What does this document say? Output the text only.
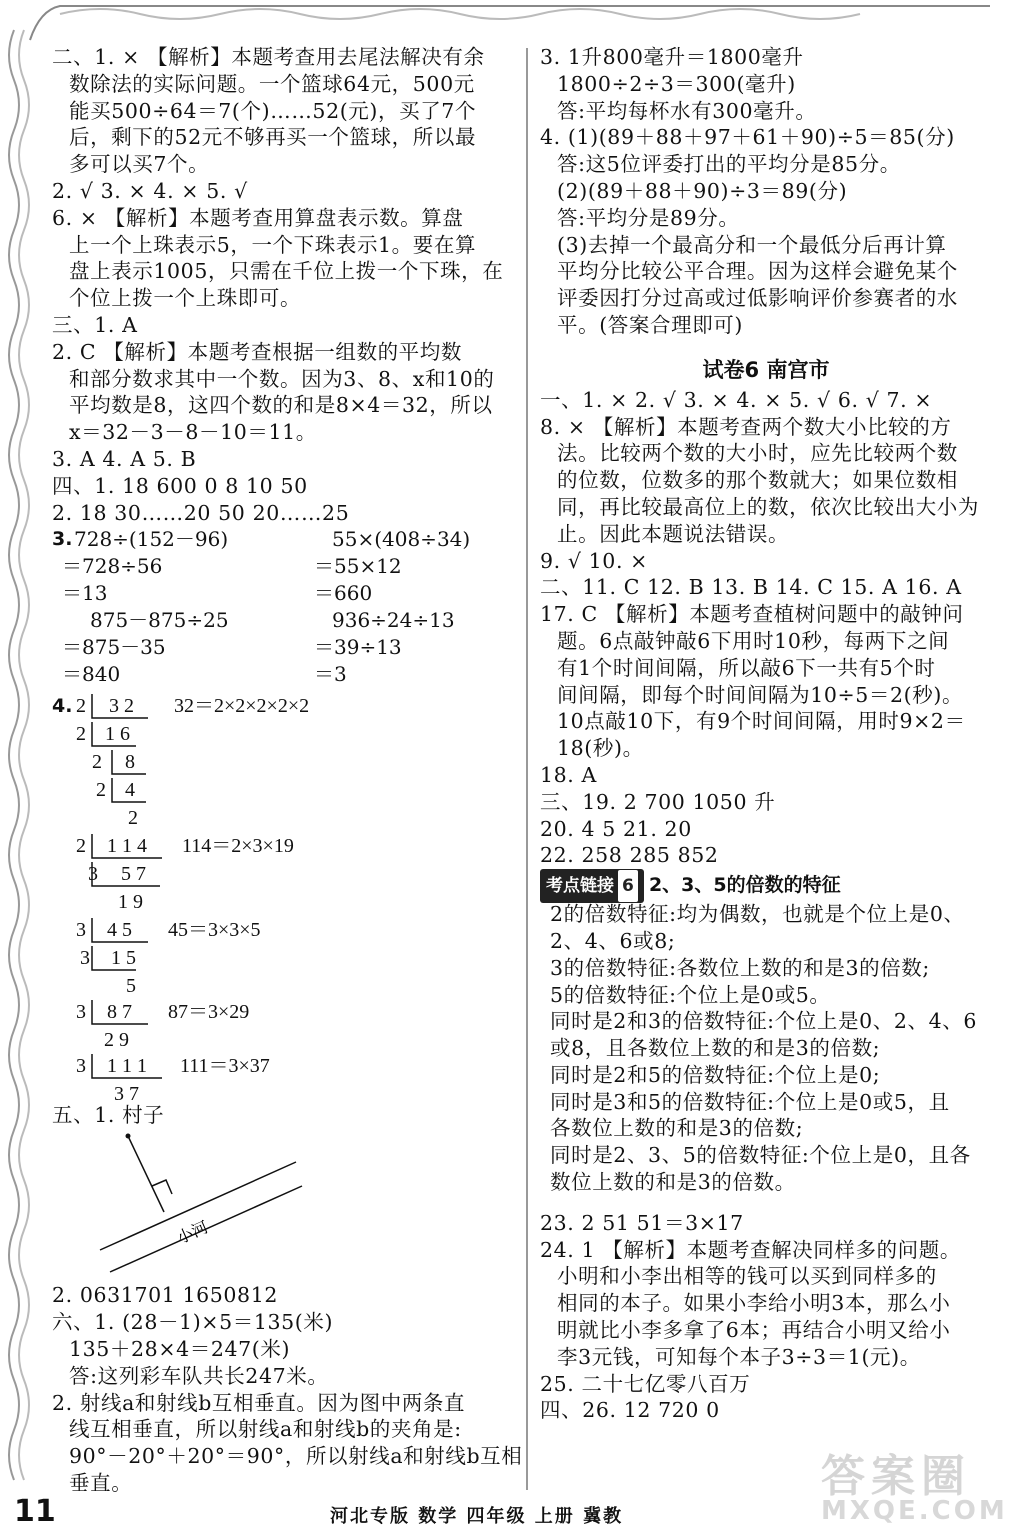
二、1. × 【解析】本题考查用去尾法解决有余
数除法的实际问题。一个篮球64元，500元
能买500÷64＝7(个)……52(元)，买了7个
后，剩下的52元不够再买一个篮球，所以最
多可以买7个。
2. √ 3. × 4. × 5. √
6. × 【解析】本题考查用算盘表示数。算盘
上一个上珠表示5，一个下珠表示1。要在算
盘上表示1005，只需在千位上拨一个下珠，在
个位上拨一个上珠即可。
三、1. A
2. C 【解析】本题考查根据一组数的平均数
和部分数求其中一个数。因为3、8、x和10的
平均数是8，这四个数的和是8×4＝32，所以
x＝32－3－8－10＝11。
3. A 4. A 5. B
四、1. 18 600 0 8 10 50
2. 18 30……20 50 20……25
3. 728÷(152－96)
＝728÷56
＝13
875－875÷25
＝875－35
＝840
55×(408÷34)
＝55×12
＝660
936÷24÷13
＝39÷13
＝3
4. 2 3 2
2 1 6
2 8
2 4
2
32＝2×2×2×2×2
2 1 1 4
3 5 7
1 9
114＝2×3×19
3 4 5
3 1 5
5
45＝3×3×5
3 8 7
2 9
87＝3×29
3 1 1 1
3 7
111＝3×37
五、1. 村子
小河
2. 0631701 1650812
六、1. (28－1)×5＝135(米)
135＋28×4＝247(米)
答:这列彩车队共长247米。
2. 射线a和射线b互相垂直。因为图中两条直
线互相垂直，所以射线a和射线b的夹角是:
90°－20°＋20°＝90°，所以射线a和射线b互相
垂直。
3. 1升800毫升＝1800毫升
1800÷2÷3＝300(毫升)
答:平均每杯水有300毫升。
4. (1)(89＋88＋97＋61＋90)÷5＝85(分)
答:这5位评委打出的平均分是85分。
(2)(89＋88＋90)÷3＝89(分)
答:平均分是89分。
(3)去掉一个最高分和一个最低分后再计算
平均分比较公平合理。因为这样会避免某个
评委因打分过高或过低影响评价参赛者的水
平。(答案合理即可)
试卷6 南宫市
一、1. × 2. √ 3. × 4. × 5. √ 6. √ 7. ×
8. × 【解析】本题考查两个数大小比较的方
法。比较两个数的大小时，应先比较两个数
的位数，位数多的那个数就大；如果位数相
同，再比较最高位上的数，依次比较出大小为
止。因此本题说法错误。
9. √ 10. ×
二、11. C 12. B 13. B 14. C 15. A 16. A
17. C 【解析】本题考查植树问题中的敲钟问
题。6点敲钟敲6下用时10秒，每两下之间
有1个时间间隔，所以敲6下一共有5个时
间间隔，即每个时间间隔为10÷5＝2(秒)。
10点敲10下，有9个时间间隔，用时9×2＝
18(秒)。
18. A
三、19. 2 700 1050 升
20. 4 5 21. 20
22. 258 285 852
考点链接 6 2、3、5的倍数的特征
2的倍数特征:均为偶数，也就是个位上是0、
2、4、6或8;
3的倍数特征:各数位上数的和是3的倍数;
5的倍数特征:个位上是0或5。
同时是2和3的倍数特征:个位上是0、2、4、6
或8，且各数位上数的和是3的倍数;
同时是2和5的倍数特征:个位上是0;
同时是3和5的倍数特征:个位上是0或5，且
各数位上数的和是3的倍数;
同时是2、3、5的倍数特征:个位上是0，且各
数位上数的和是3的倍数。
23. 2 51 51＝3×17
24. 1 【解析】本题考查解决同样多的问题。
小明和小李出相等的钱可以买到同样多的
相同的本子。如果小李给小明3本，那么小
明就比小李多拿了6本；再结合小明又给小
李3元钱，可知每个本子3÷3＝1(元)。
25. 二十七亿零八百万
四、26. 12 720 0
答案圈
MXQE.COM
11	河北专版 数学 四年级 上册 冀教
